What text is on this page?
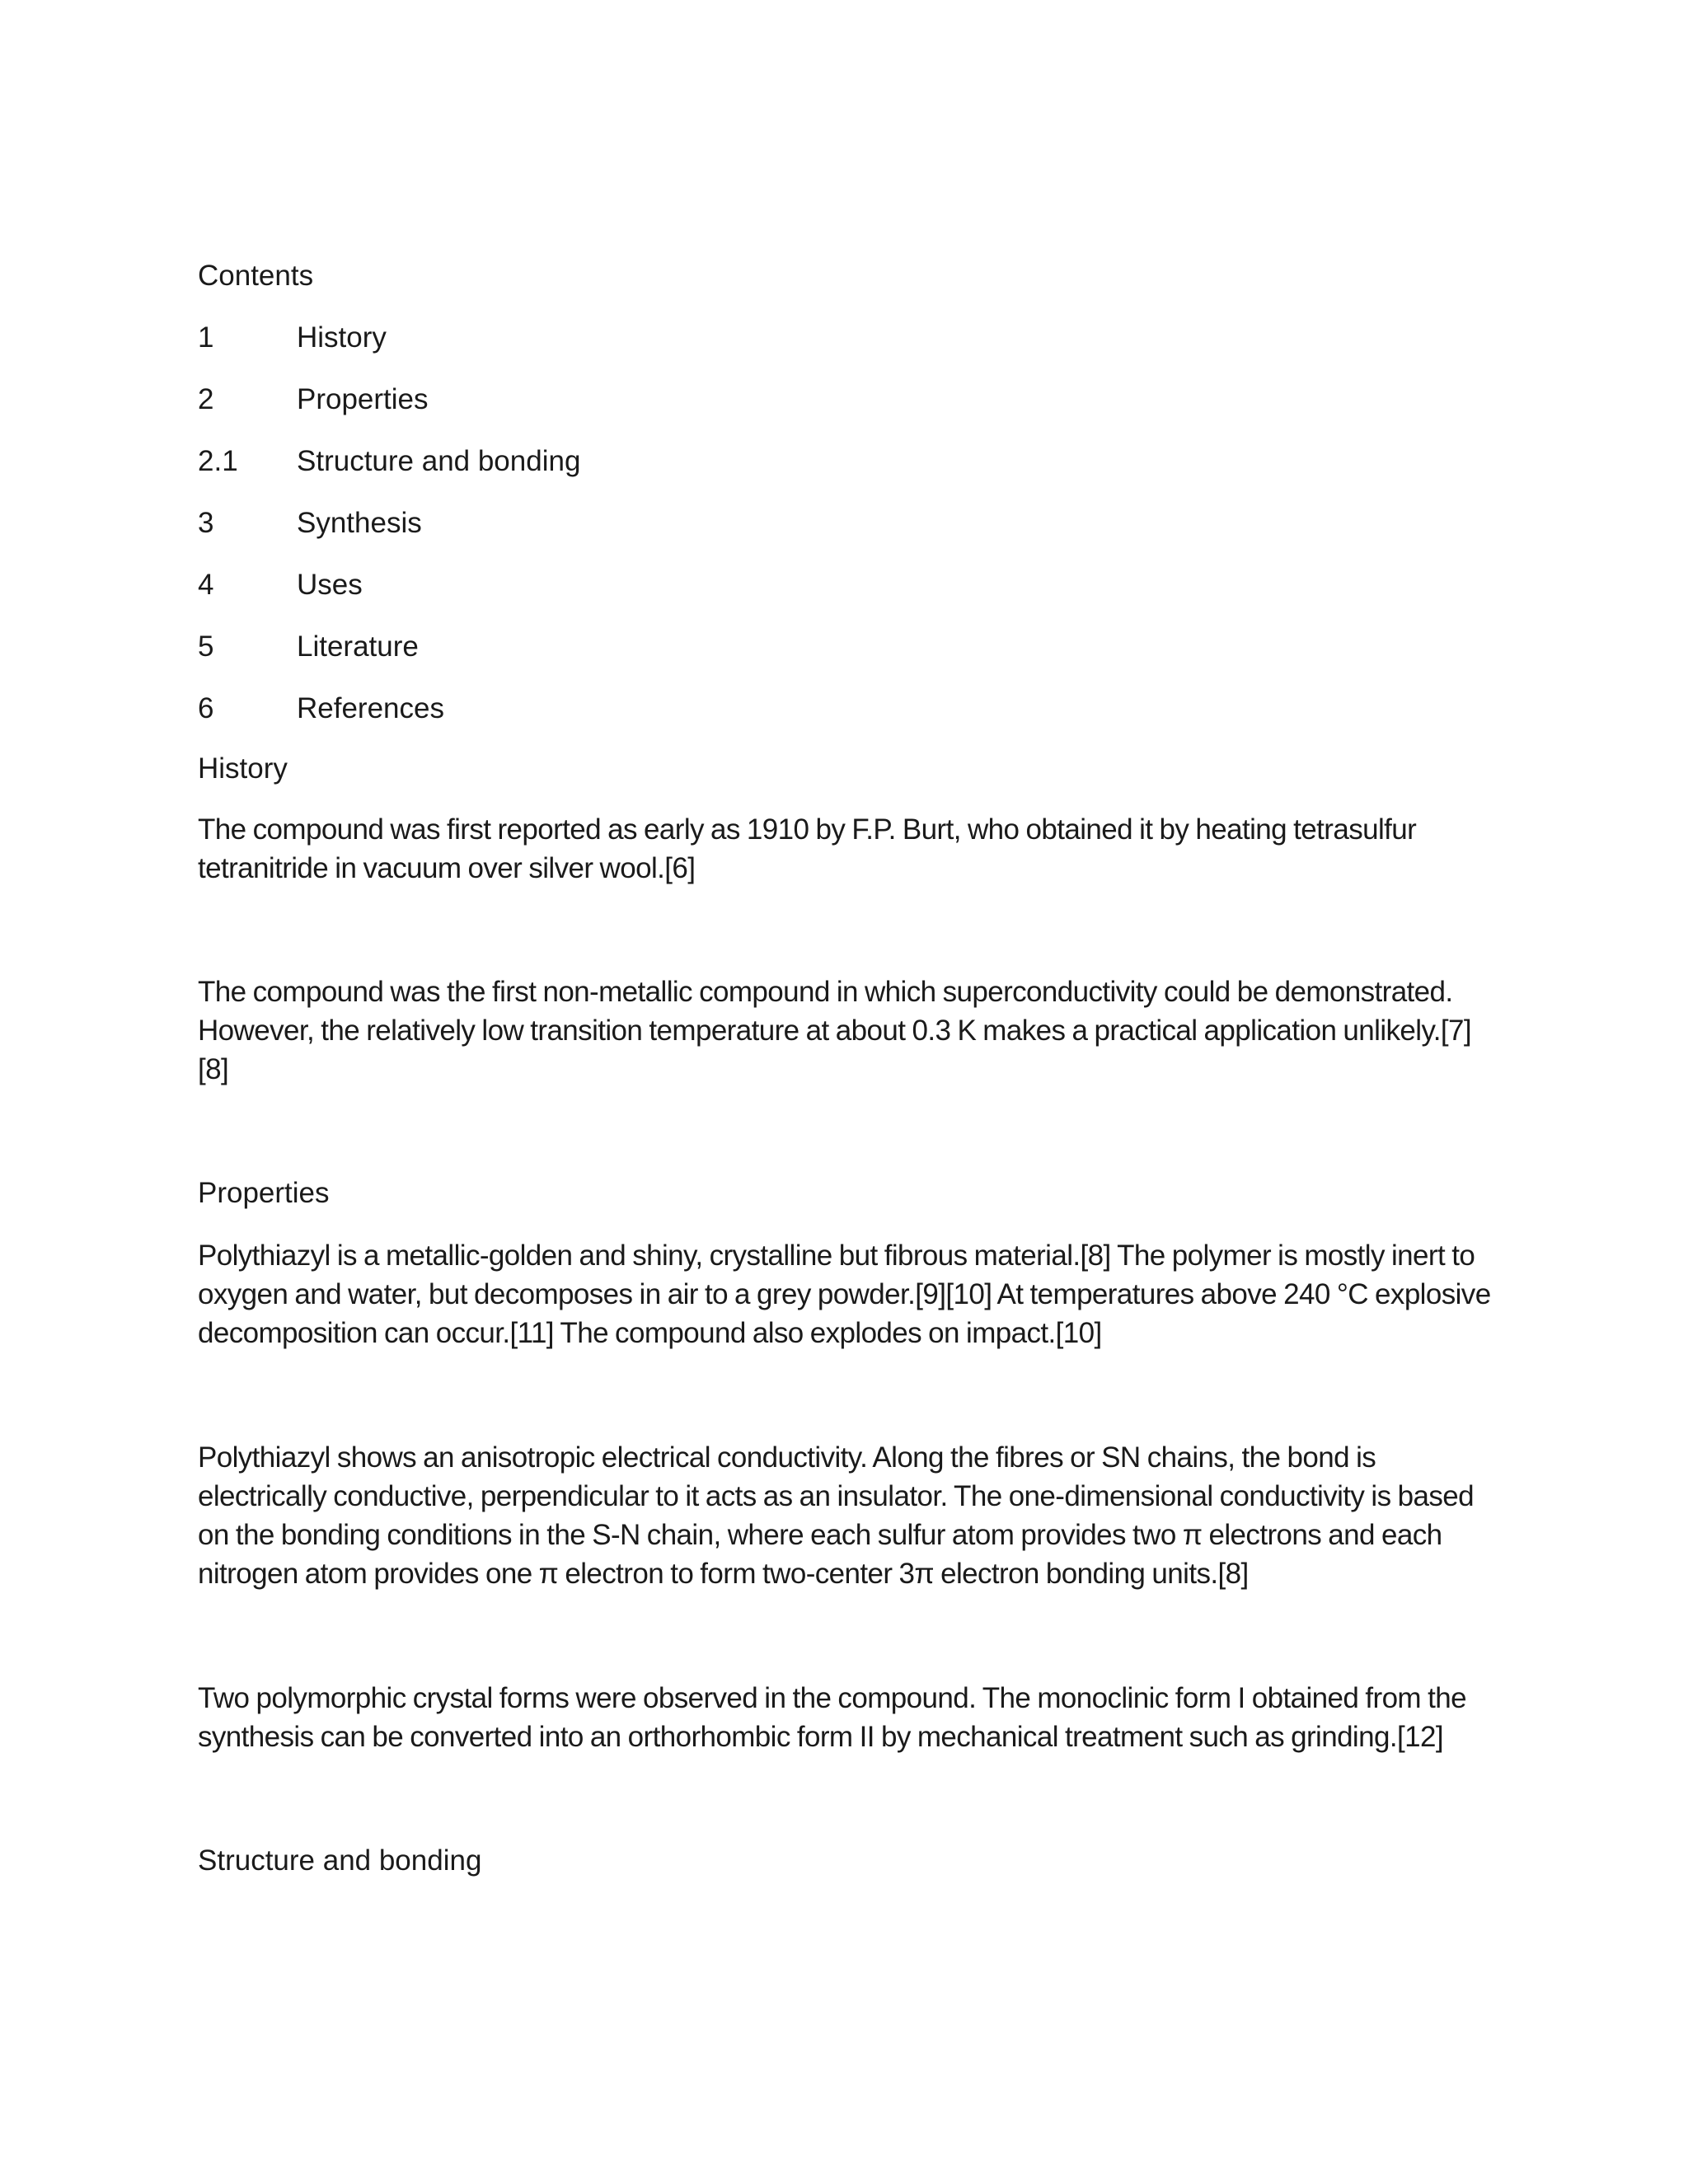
Contents
1	History
2	Properties
2.1	Structure and bonding
3	Synthesis
4	Uses
5	Literature
6	References
History

The compound was first reported as early as 1910 by F.P. Burt, who obtained it by heating tetrasulfur tetranitride in vacuum over silver wool.[6]

The compound was the first non-metallic compound in which superconductivity could be demonstrated. However, the relatively low transition temperature at about 0.3 K makes a practical application unlikely.[7][8]

Properties

Polythiazyl is a metallic-golden and shiny, crystalline but fibrous material.[8] The polymer is mostly inert to oxygen and water, but decomposes in air to a grey powder.[9][10] At temperatures above 240 °C explosive decomposition can occur.[11] The compound also explodes on impact.[10]

Polythiazyl shows an anisotropic electrical conductivity. Along the fibres or SN chains, the bond is electrically conductive, perpendicular to it acts as an insulator. The one-dimensional conductivity is based on the bonding conditions in the S-N chain, where each sulfur atom provides two π electrons and each nitrogen atom provides one π electron to form two-center 3π electron bonding units.[8]

Two polymorphic crystal forms were observed in the compound. The monoclinic form I obtained from the synthesis can be converted into an orthorhombic form II by mechanical treatment such as grinding.[12]

Structure and bonding
